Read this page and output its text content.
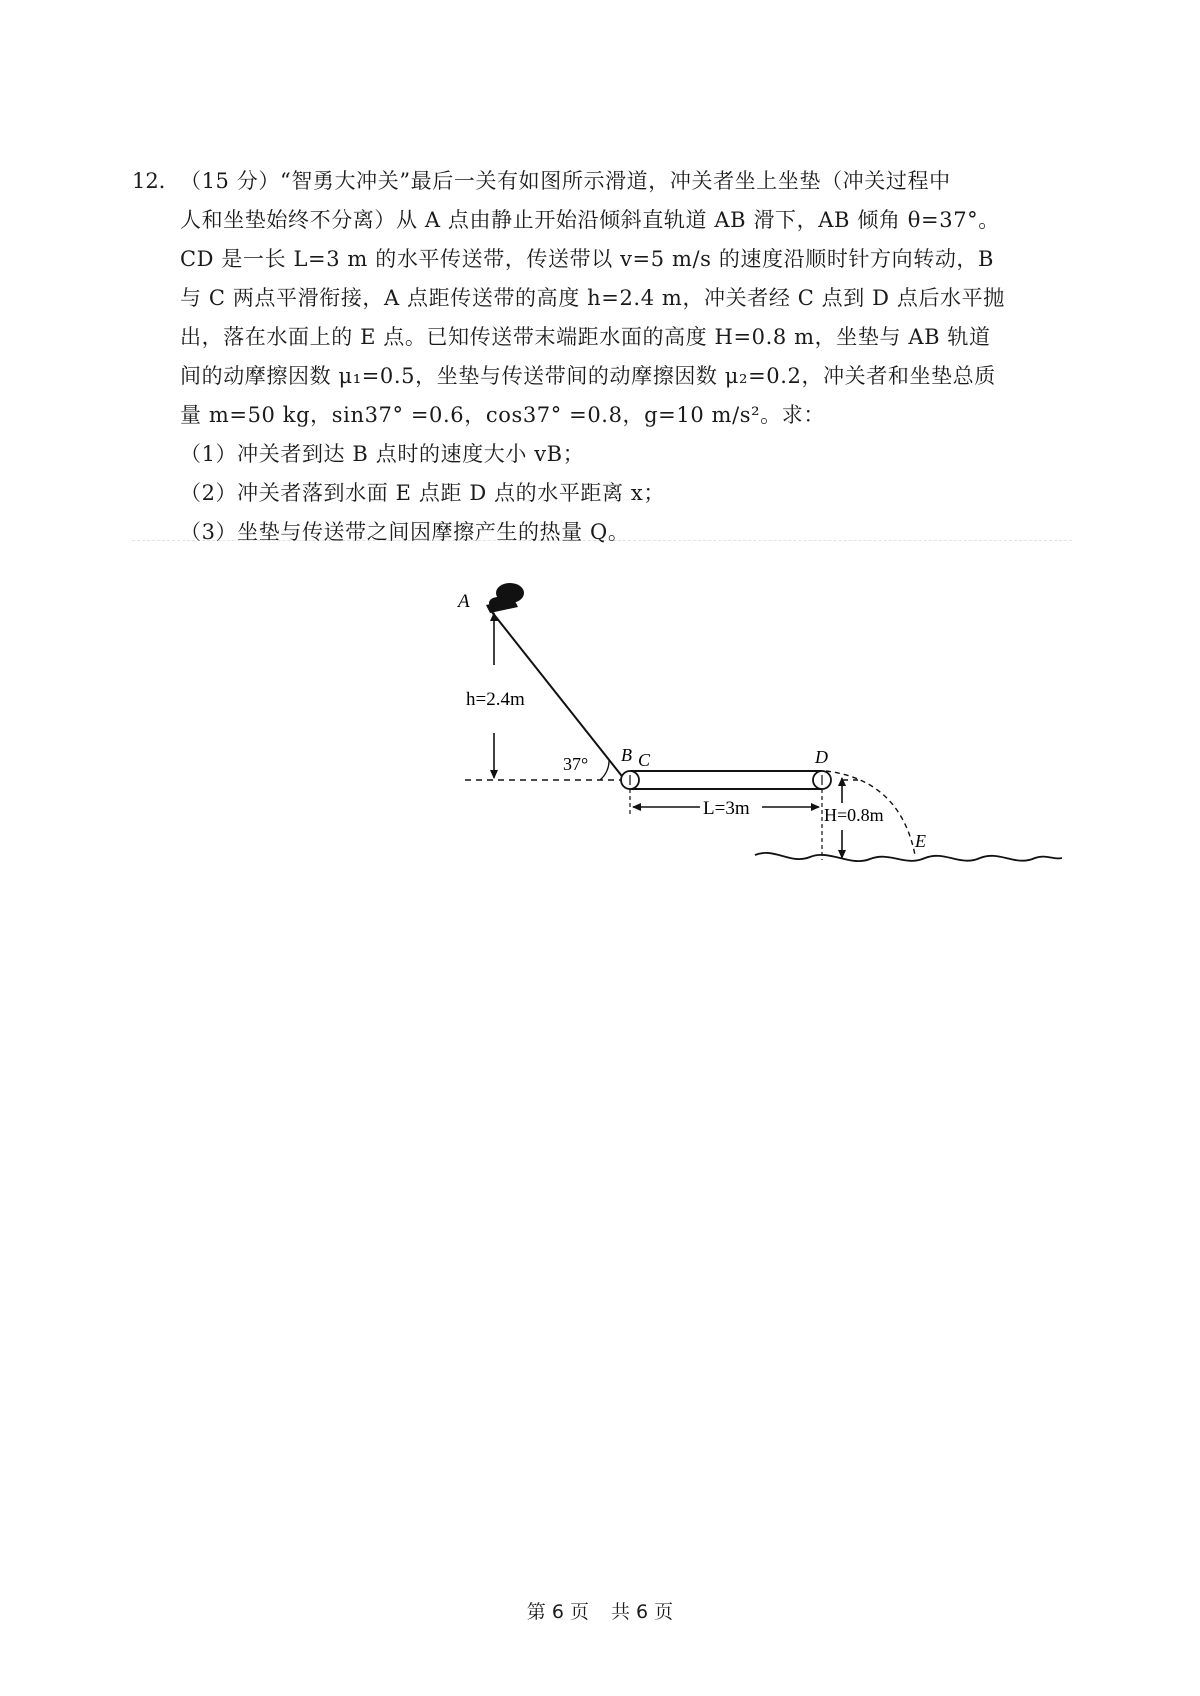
12． （15 分）“智勇大冲关”最后一关有如图所示滑道，冲关者坐上坐垫（冲关过程中
人和坐垫始终不分离）从 A 点由静止开始沿倾斜直轨道 AB 滑下，AB 倾角 θ=37°。
CD 是一长 L=3 m 的水平传送带，传送带以 v=5 m/s 的速度沿顺时针方向转动，B
与 C 两点平滑衔接，A 点距传送带的高度 h=2.4 m，冲关者经 C 点到 D 点后水平抛
出，落在水面上的 E 点。已知传送带末端距水面的高度 H=0.8 m，坐垫与 AB 轨道
间的动摩擦因数 μ₁=0.5，坐垫与传送带间的动摩擦因数 μ₂=0.2，冲关者和坐垫总质
量 m=50 kg，sin37° =0.6，cos37° =0.8，g=10 m/s²。求：
（1）冲关者到达 B 点时的速度大小 vB；
（2）冲关者落到水面 E 点距 D 点的水平距离 x；
（3）坐垫与传送带之间因摩擦产生的热量 Q。
A
h=2.4m
37° B C	D
L=3m	H=0.8m
E
第 6 页 共 6 页
